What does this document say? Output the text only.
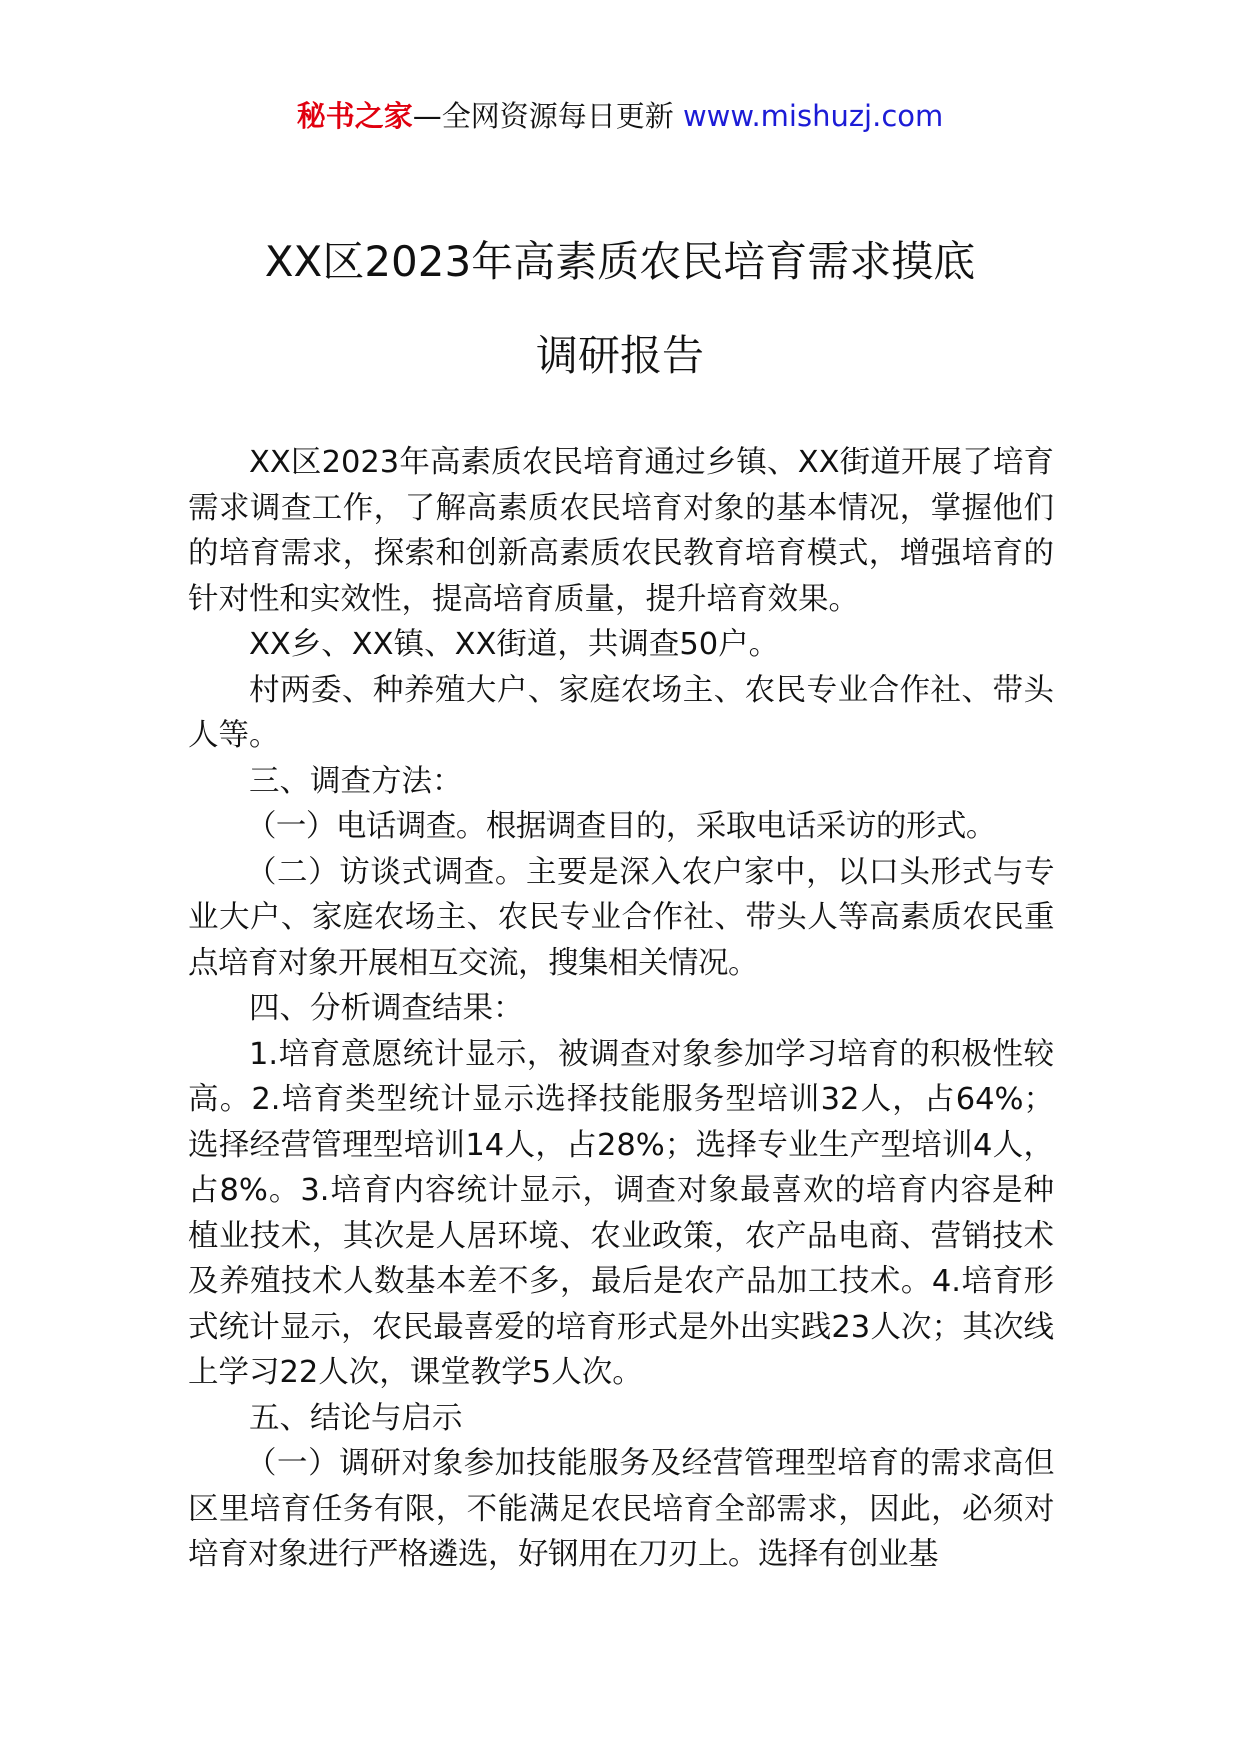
秘书之家—全网资源每日更新 www.mishuzj.com
XX区2023年高素质农民培育需求摸底
调研报告

XX区2023年高素质农民培育通过乡镇、XX街道开展了培育需求调查工作，了解高素质农民培育对象的基本情况，掌握他们的培育需求，探索和创新高素质农民教育培育模式，增强培育的针对性和实效性，提高培育质量，提升培育效果。

XX乡、XX镇、XX街道，共调查50户。

村两委、种养殖大户、家庭农场主、农民专业合作社、带头人等。

三、调查方法：

（一）电话调查。根据调查目的，采取电话采访的形式。

（二）访谈式调查。主要是深入农户家中，以口头形式与专业大户、家庭农场主、农民专业合作社、带头人等高素质农民重点培育对象开展相互交流，搜集相关情况。

四、分析调查结果：

1.培育意愿统计显示，被调查对象参加学习培育的积极性较高。2.培育类型统计显示选择技能服务型培训32人，占64%；选择经营管理型培训14人，占28%；选择专业生产型培训4人，占8%。3.培育内容统计显示，调查对象最喜欢的培育内容是种植业技术，其次是人居环境、农业政策，农产品电商、营销技术及养殖技术人数基本差不多，最后是农产品加工技术。4.培育形式统计显示，农民最喜爱的培育形式是外出实践23人次；其次线上学习22人次，课堂教学5人次。

五、结论与启示

（一）调研对象参加技能服务及经营管理型培育的需求高但区里培育任务有限，不能满足农民培育全部需求，因此，必须对培育对象进行严格遴选，好钢用在刀刃上。选择有创业基
